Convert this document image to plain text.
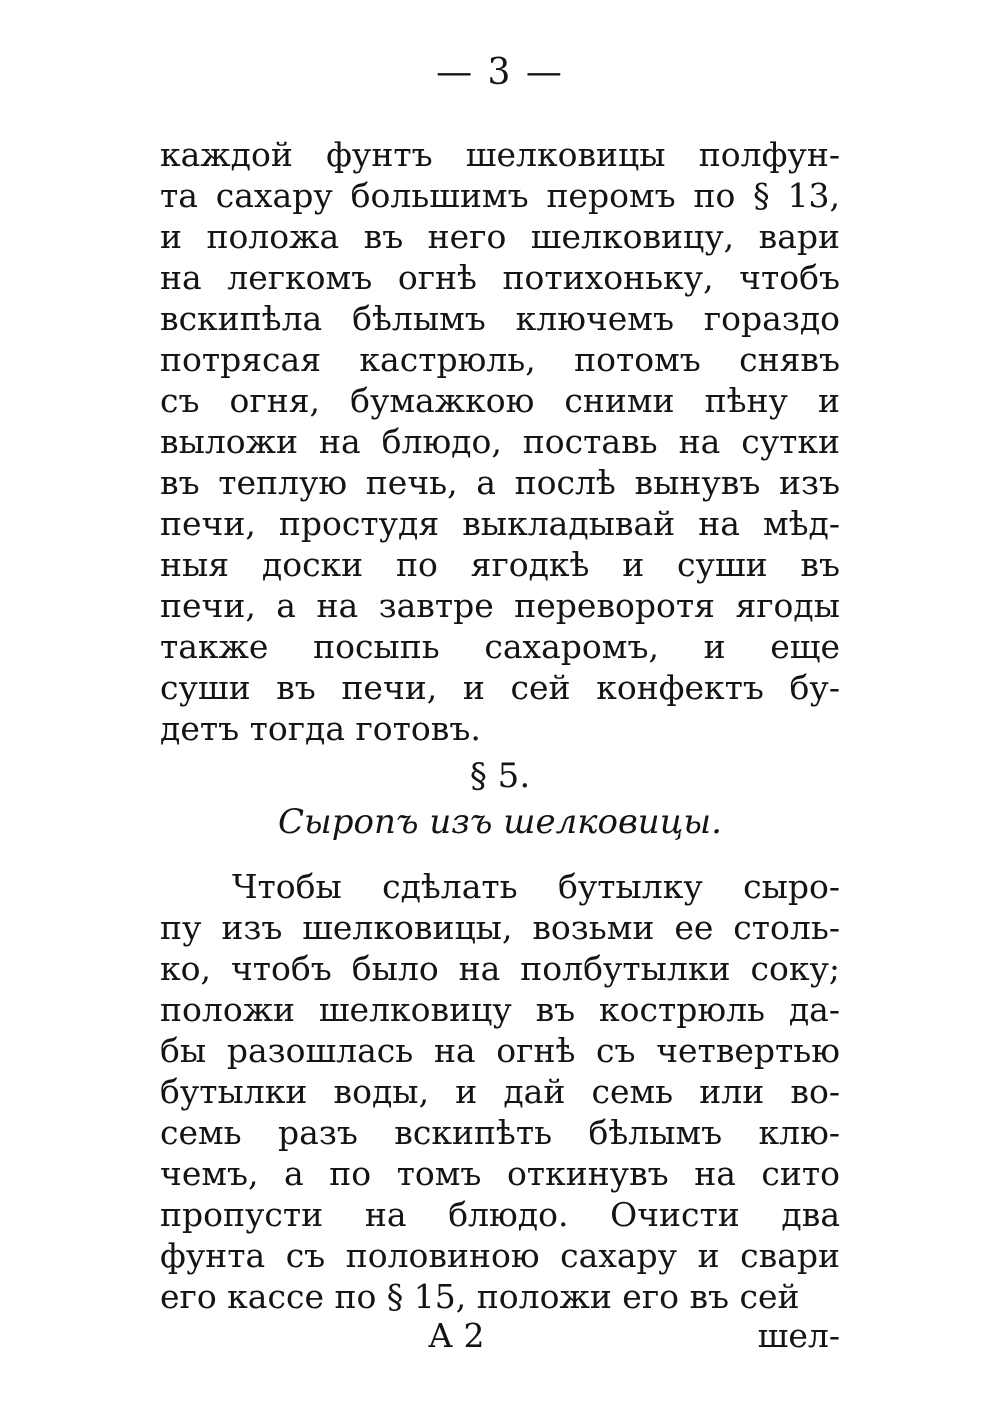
— 3 —
каждой фунтъ шелковицы полфун-
та сахару большимъ перомъ по § 13,
и положа въ него шелковицу, вари
на легкомъ огнѣ потихоньку, чтобъ
вскипѣла бѣлымъ ключемъ гораздо
потрясая кастрюль, потомъ снявъ
съ огня, бумажкою сними пѣну и
выложи на блюдо, поставь на сутки
въ теплую печь, а послѣ вынувъ изъ
печи, простудя выкладывай на мѣд-
ныя доски по ягодкѣ и суши въ
печи, а на завтре переворотя ягоды
также посыпь сахаромъ, и еще
суши въ печи, и сей конфектъ бу-
детъ тогда готовъ.
§ 5.
Сыропъ изъ шелковицы.
Чтобы сдѣлать бутылку сыро-
пу изъ шелковицы, возьми ее столь-
ко, чтобъ было на полбутылки соку;
положи шелковицу въ кострюль да-
бы разошлась на огнѣ съ четвертью
бутылки воды, и дай семь или во-
семь разъ вскипѣть бѣлымъ клю-
чемъ, а по томъ откинувъ на сито
пропусти на блюдо. Очисти два
фунта съ половиною сахару и свари
его кассе по § 15, положи его въ сей
А 2	шел-
